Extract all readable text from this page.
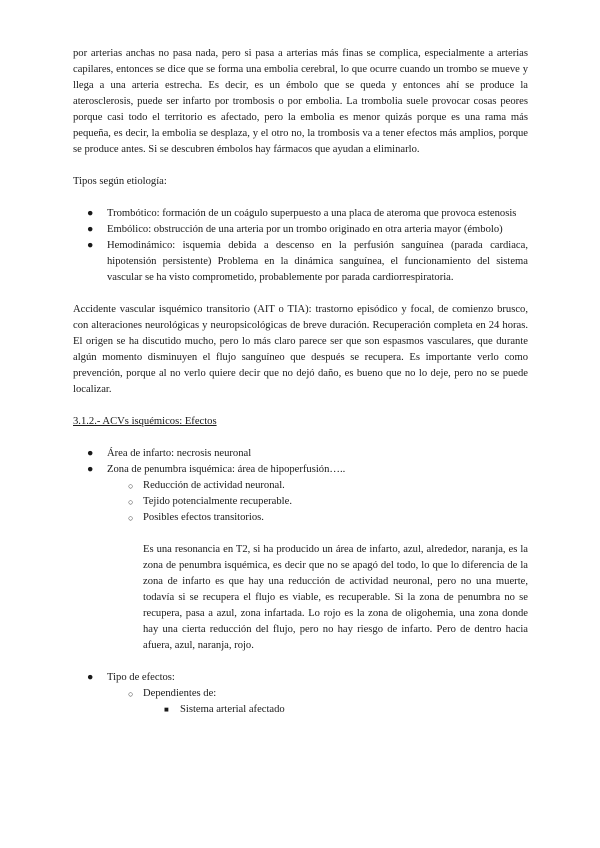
por arterias anchas no pasa nada, pero si pasa a arterias más finas se complica, especialmente a arterias capilares, entonces se dice que se forma una embolia cerebral, lo que ocurre cuando un trombo se mueve y llega a una arteria estrecha. Es decir, es un émbolo que se queda y entonces ahí se produce la aterosclerosis, puede ser infarto por trombosis o por embolia. La trombolia suele provocar cosas peores porque casi todo el territorio es afectado, pero la embolia es menor quizás porque es una rama más pequeña, es decir, la embolia se desplaza, y el otro no, la trombosis va a tener efectos más amplios, porque se produce antes. Si se descubren émbolos hay fármacos que ayudan a eliminarlo.

Tipos según etiología:

● Trombótico: formación de un coágulo superpuesto a una placa de ateroma que provoca estenosis

● Embólico: obstrucción de una arteria por un trombo originado en otra arteria mayor (émbolo)

● Hemodinámico: isquemia debida a descenso en la perfusión sanguínea (parada cardiaca, hipotensión persistente) Problema en la dinámica sanguínea, el funcionamiento del sistema vascular se ha visto comprometido, probablemente por parada cardiorrespiratoria.

Accidente vascular isquémico transitorio (AIT o TIA): trastorno episódico y focal, de comienzo brusco, con alteraciones neurológicas y neuropsicológicas de breve duración. Recuperación completa en 24 horas. El origen se ha discutido mucho, pero lo más claro parece ser que son espasmos vasculares, que durante algún momento disminuyen el flujo sanguíneo que después se recupera. Es importante verlo como prevención, porque al no verlo quiere decir que no dejó daño, es bueno que no lo deje, pero no se puede localizar.

3.1.2.- ACVs isquémicos: Efectos

● Área de infarto: necrosis neuronal

● Zona de penumbra isquémica: área de hipoperfusión…..

○ Reducción de actividad neuronal.

○ Tejido potencialmente recuperable.

○ Posibles efectos transitorios.

Es una resonancia en T2, si ha producido un área de infarto, azul, alrededor, naranja, es la zona de penumbra isquémica, es decir que no se apagó del todo, lo que lo diferencia de la zona de infarto es que hay una reducción de actividad neuronal, pero no una muerte, todavía si se recupera el flujo es viable, es recuperable. Si la zona de penumbra no se recupera, pasa a azul, zona infartada. Lo rojo es la zona de oligohemia, una zona donde hay una cierta reducción del flujo, pero no hay riesgo de infarto. Pero de dentro hacia afuera, azul, naranja, rojo.

● Tipo de efectos:

○ Dependientes de:

■ Sistema arterial afectado
